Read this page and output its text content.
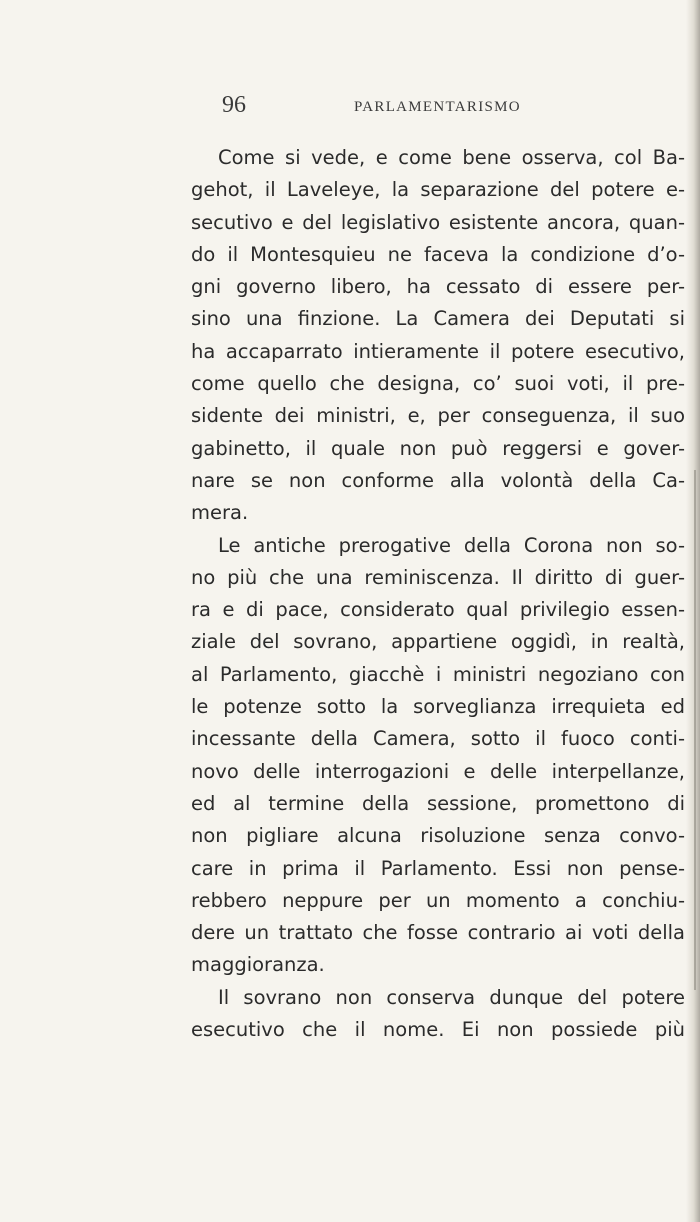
96	PARLAMENTARISMO
Come si vede, e come bene osserva, col Ba-
gehot, il Laveleye, la separazione del potere e-
secutivo e del legislativo esistente ancora, quan-
do il Montesquieu ne faceva la condizione d’o-
gni governo libero, ha cessato di essere per-
sino una finzione. La Camera dei Deputati si
ha accaparrato intieramente il potere esecutivo,
come quello che designa, co’ suoi voti, il pre-
sidente dei ministri, e, per conseguenza, il suo
gabinetto, il quale non può reggersi e gover-
nare se non conforme alla volontà della Ca-
mera.
Le antiche prerogative della Corona non so-
no più che una reminiscenza. Il diritto di guer-
ra e di pace, considerato qual privilegio essen-
ziale del sovrano, appartiene oggidì, in realtà,
al Parlamento, giacchè i ministri negoziano con
le potenze sotto la sorveglianza irrequieta ed
incessante della Camera, sotto il fuoco conti-
novo delle interrogazioni e delle interpellanze,
ed al termine della sessione, promettono di
non pigliare alcuna risoluzione senza convo-
care in prima il Parlamento. Essi non pense-
rebbero neppure per un momento a conchiu-
dere un trattato che fosse contrario ai voti della
maggioranza.
Il sovrano non conserva dunque del potere
esecutivo che il nome. Ei non possiede più
